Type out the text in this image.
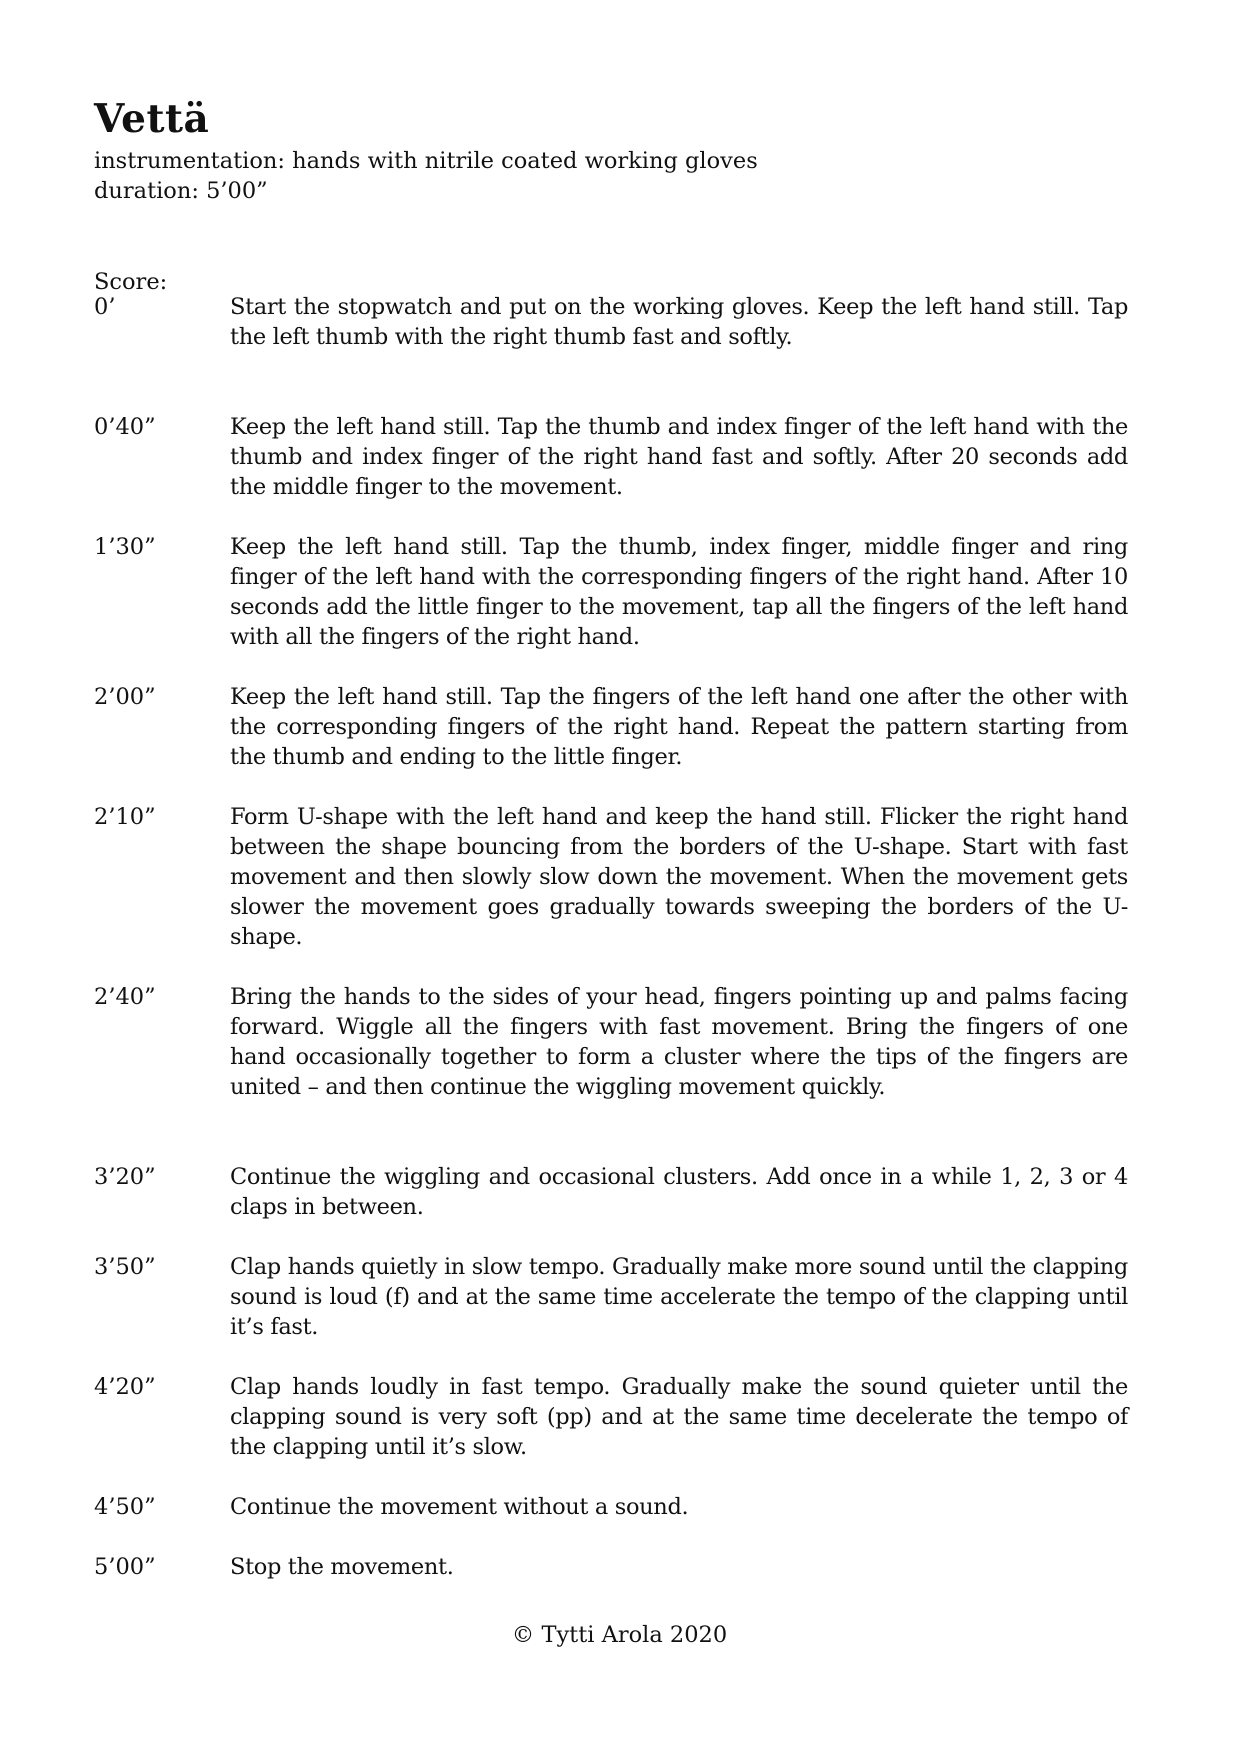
Vettä
instrumentation: hands with nitrile coated working gloves
duration: 5’00”
Score:
0’	Start the stopwatch and put on the working gloves. Keep the left hand still. Tap the left thumb with the right thumb fast and softly.
0’40”	Keep the left hand still. Tap the thumb and index finger of the left hand with the thumb and index finger of the right hand fast and softly. After 20 seconds add the middle finger to the movement.
1’30”	Keep the left hand still. Tap the thumb, index finger, middle finger and ring finger of the left hand with the corresponding fingers of the right hand. After 10 seconds add the little finger to the movement, tap all the fingers of the left hand with all the fingers of the right hand.
2’00”	Keep the left hand still. Tap the fingers of the left hand one after the other with the corresponding fingers of the right hand. Repeat the pattern starting from the thumb and ending to the little finger.
2’10”	Form U-shape with the left hand and keep the hand still. Flicker the right hand between the shape bouncing from the borders of the U-shape. Start with fast movement and then slowly slow down the movement. When the movement gets slower the movement goes gradually towards sweeping the borders of the U-shape.
2’40”	Bring the hands to the sides of your head, fingers pointing up and palms facing forward. Wiggle all the fingers with fast movement. Bring the fingers of one hand occasionally together to form a cluster where the tips of the fingers are united – and then continue the wiggling movement quickly.
3’20”	Continue the wiggling and occasional clusters. Add once in a while 1, 2, 3 or 4 claps in between.
3’50”	Clap hands quietly in slow tempo. Gradually make more sound until the clapping sound is loud (f) and at the same time accelerate the tempo of the clapping until it’s fast.
4’20”	Clap hands loudly in fast tempo. Gradually make the sound quieter until the clapping sound is very soft (pp) and at the same time decelerate the tempo of the clapping until it’s slow.
4’50”	Continue the movement without a sound.
5’00”	Stop the movement.
© Tytti Arola 2020
